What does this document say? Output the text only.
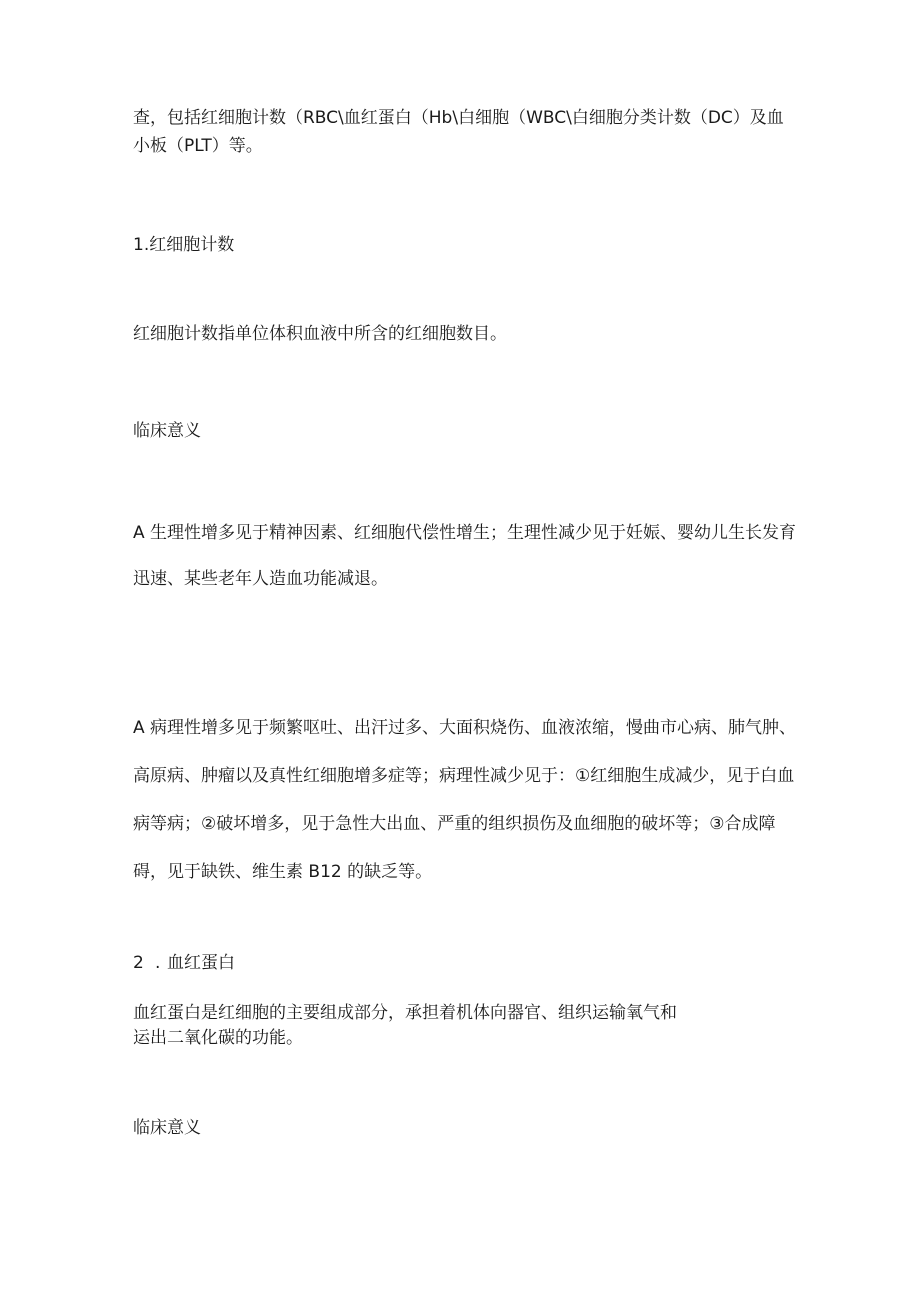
查，包括红细胞计数（RBC\血红蛋白（Hb\白细胞（WBC\白细胞分类计数（DC）及血小板（PLT）等。

1.红细胞计数

红细胞计数指单位体积血液中所含的红细胞数目。

临床意义

A 生理性增多见于精神因素、红细胞代偿性增生；生理性减少见于妊娠、婴幼儿生长发育迅速、某些老年人造血功能减退。

A 病理性增多见于频繁呕吐、出汗过多、大面积烧伤、血液浓缩，慢曲市心病、肺气肿、高原病、肿瘤以及真性红细胞增多症等；病理性减少见于：①红细胞生成减少，见于白血病等病；②破坏增多，见于急性大出血、严重的组织损伤及血细胞的破坏等；③合成障碍，见于缺铁、维生素 B12 的缺乏等。

2 . 血红蛋白

血红蛋白是红细胞的主要组成部分，承担着机体向器官、组织运输氧气和
运出二氧化碳的功能。

临床意义
